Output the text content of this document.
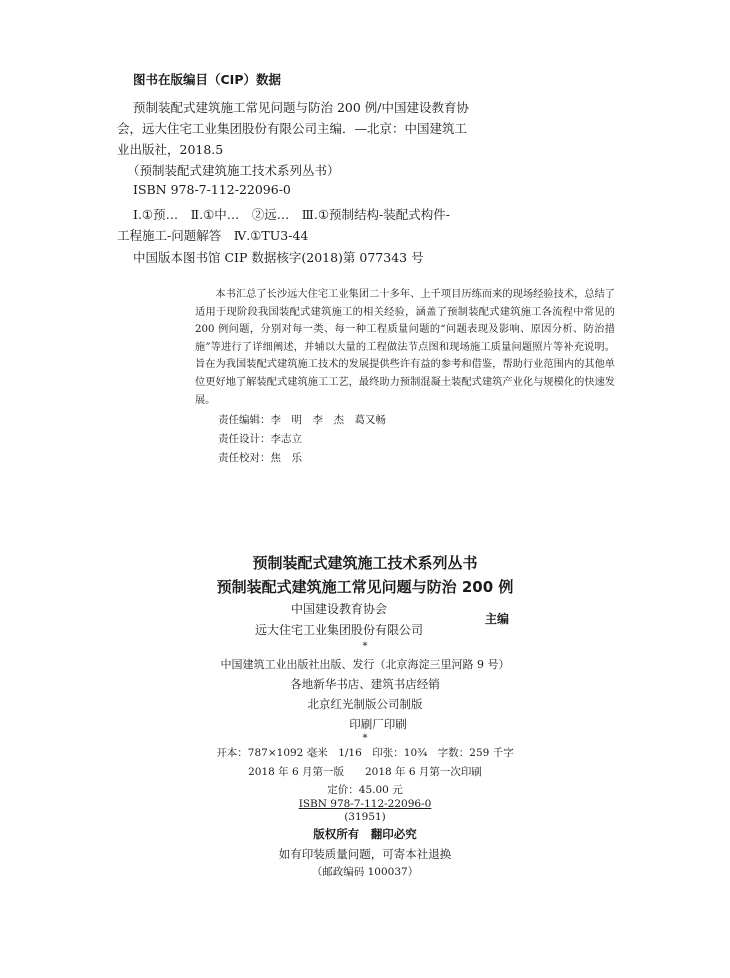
图书在版编目（CIP）数据
预制装配式建筑施工常见问题与防治 200 例/中国建设教育协
会，远大住宅工业集团股份有限公司主编．—北京：中国建筑工
业出版社，2018.5
（预制装配式建筑施工技术系列丛书）
ISBN 978-7-112-22096-0
Ⅰ.①预…　Ⅱ.①中…　②远…　Ⅲ.①预制结构-装配式构件-
工程施工-问题解答　Ⅳ.①TU3-44
中国版本图书馆 CIP 数据核字(2018)第 077343 号
本书汇总了长沙远大住宅工业集团二十多年、上千项目历练而来的现场经验技术，总结了适用于现阶段我国装配式建筑施工的相关经验，涵盖了预制装配式建筑施工各流程中常见的 200 例问题，分别对每一类、每一种工程质量问题的“问题表现及影响、原因分析、防治措施”等进行了详细阐述，并辅以大量的工程做法节点图和现场施工质量问题照片等补充说明。旨在为我国装配式建筑施工技术的发展提供些许有益的参考和借鉴，帮助行业范围内的其他单位更好地了解装配式建筑施工工艺，最终助力预制混凝土装配式建筑产业化与规模化的快速发展。
责任编辑：李　明　李　杰　葛又畅
责任设计：李志立
责任校对：焦　乐
预制装配式建筑施工技术系列丛书
预制装配式建筑施工常见问题与防治 200 例
中国建设教育协会
远大住宅工业集团股份有限公司
主编
*
中国建筑工业出版社出版、发行（北京海淀三里河路 9 号）
各地新华书店、建筑书店经销
北京红光制版公司制版
印刷厂印刷
*
开本：787×1092 毫米　1/16　印张：10¾　字数：259 千字
2018 年 6 月第一版　　2018 年 6 月第一次印刷
定价：45.00 元
ISBN 978-7-112-22096-0
(31951)
版权所有　翻印必究
如有印装质量问题，可寄本社退换
（邮政编码 100037）
